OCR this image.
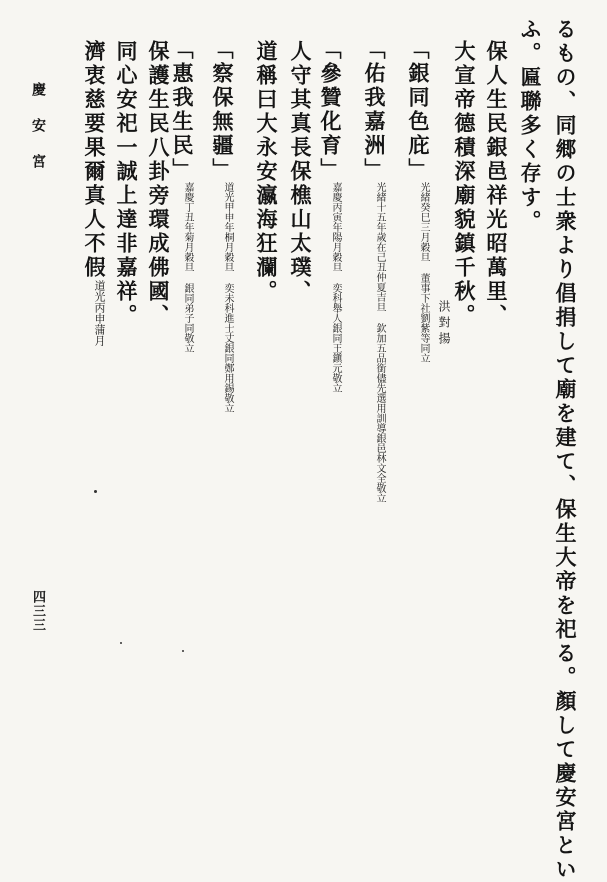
るもの、同郷の士衆より倡捐して廟を建て、保生大帝を祀る。顏して慶安宮とい
ふ。匾聯多く存す。
保人生民銀邑祥光昭萬里、
大宣帝德積深廟貌鎮千秋。
洪對揚
「銀同色庇」光緒癸巳三月穀旦 董事下社劉紫等同立
「佑我嘉洲」光緒十五年歲在己丑仲夏吉旦 欽加五品銜儘先選用訓導銀邑林文全敬立
「參贊化育」嘉慶丙寅年陽月穀旦 奕科舉人銀同王鎭元敬立
人守其真長保樵山太璞、
道稱曰大永安瀛海狂瀾。
「察保無疆」道光甲申年桐月穀旦 奕未科進士丈銀同鄭用錫敬立
「惠我生民」嘉慶丁丑年菊月穀旦 銀同弟子同敬立
保護生民八卦旁環成佛國、
同心安祀一誠上達非嘉祥。
濟衷慈要果爾真人不假道光丙申蒲月
慶安宮
四三三
